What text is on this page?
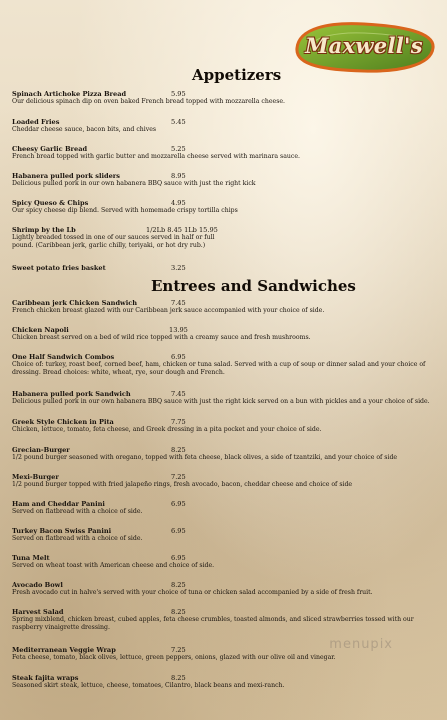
Maxwell's
Appetizers
Spinach Artichoke Pizza Bread	5.95
Our delicious spinach dip on oven baked French bread topped with mozzarella cheese.
Loaded Fries	5.45
Cheddar cheese sauce, bacon bits, and chives
Cheesy Garlic Bread	5.25
French bread topped with garlic butter and mozzarella cheese served with marinara sauce.
Habanera pulled pork sliders	8.95
Delicious pulled pork in our own habanera BBQ sauce with just the right kick
Spicy Queso & Chips	4.95
Our spicy cheese dip blend. Served with homemade crispy tortilla chips
Shrimp by the Lb	1/2Lb 8.45 1Lb 15.95
Lightly breaded tossed in one of our sauces served in half or full pound. (Caribbean jerk, garlic chilly, teriyaki, or hot dry rub.)
Sweet potato fries basket	3.25
Entrees and Sandwiches
Caribbean jerk Chicken Sandwich	7.45
French chicken breast glazed with our Caribbean jerk sauce accompanied with your choice of side.
Chicken Napoli	13.95
Chicken breast served on a bed of wild rice topped with a creamy sauce and fresh mushrooms.
One Half Sandwich Combos	6.95
Choice of: turkey, roast beef, corned beef, ham, chicken or tuna salad. Served with a cup of soup or dinner salad and your choice of dressing. Bread choices: white, wheat, rye, sour dough and French.
Habanera pulled pork Sandwich	7.45
Delicious pulled pork in our own habanera BBQ sauce with just the right kick served on a bun with pickles and a your choice of side.
Greek Style Chicken in Pita	7.75
Chicken, lettuce, tomato, feta cheese, and Greek dressing in a pita pocket and your choice of side.
Grecian-Burger	8.25
1/2 pound burger seasoned with oregano, topped with feta cheese, black olives, a side of tzantziki, and your choice of side
Mexi-Burger	7.25
1/2 pound burger topped with fried jalapeño rings, fresh avocado, bacon, cheddar cheese and choice of side
Ham and Cheddar Panini	6.95
Served on flatbread with a choice of side.
Turkey Bacon Swiss Panini	6.95
Served on flatbread with a choice of side.
Tuna Melt	6.95
Served on wheat toast with American cheese and choice of side.
Avocado Bowl	8.25
Fresh avocado cut in halve's served with your choice of tuna or chicken salad accompanied by a side of fresh fruit.
Harvest Salad	8.25
Spring mixblend, chicken breast, cubed apples, feta cheese crumbles, toasted almonds, and sliced strawberries tossed with our raspberry vinaigrette dressing.
Mediterranean Veggie Wrap	7.25
Feta cheese, tomato, black olives, lettuce, green peppers, onions, glazed with our olive oil and vinegar.
Steak fajita wraps	8.25
Seasoned skirt steak, lettuce, cheese, tomatoes, Cilantro, black beans and mexi-ranch.
menupix
